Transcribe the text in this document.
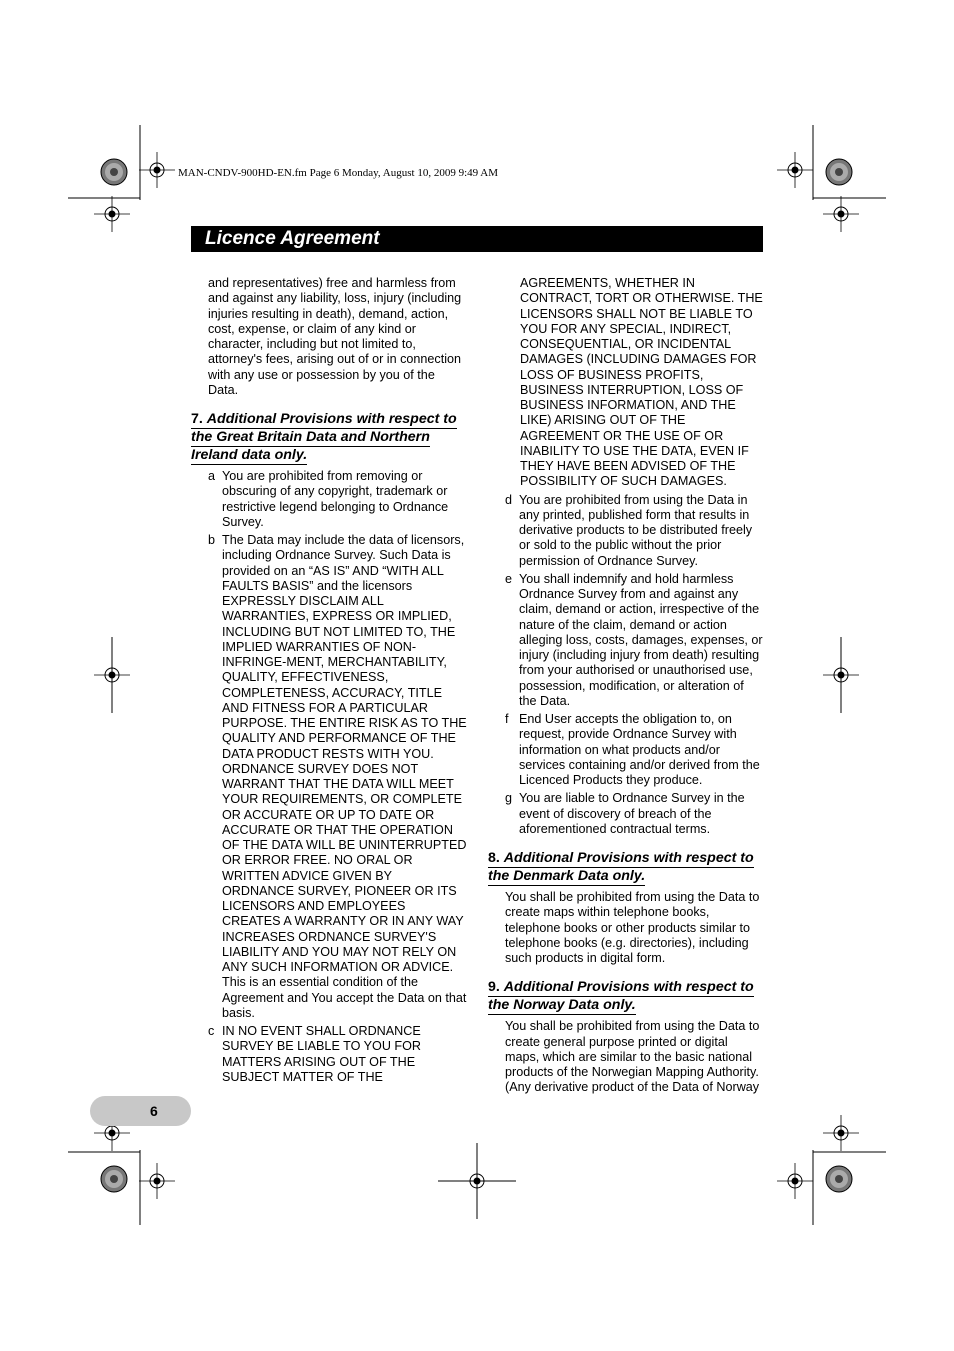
MAN-CNDV-900HD-EN.fm Page 6 Monday, August 10, 2009 9:49 AM
Licence Agreement

and representatives) free and harmless from and against any liability, loss, injury (including injuries resulting in death), demand, action, cost, expense, or claim of any kind or character, including but not limited to, attorney's fees, arising out of or in connection with any use or possession by you of the Data.

7. Additional Provisions with respect to the Great Britain Data and Northern Ireland data only.
a You are prohibited from removing or obscuring of any copyright, trademark or restrictive legend belonging to Ordnance Survey.
b The Data may include the data of licensors, including Ordnance Survey. Such Data is provided on an “AS IS” AND “WITH ALL FAULTS BASIS” and the licensors EXPRESSLY DISCLAIM ALL WARRANTIES, EXPRESS OR IMPLIED, INCLUDING BUT NOT LIMITED TO, THE IMPLIED WARRANTIES OF NON-INFRINGE-MENT, MERCHANTABILITY, QUALITY, EFFECTIVENESS, COMPLETENESS, ACCURACY, TITLE AND FITNESS FOR A PARTICULAR PURPOSE. THE ENTIRE RISK AS TO THE QUALITY AND PERFORMANCE OF THE DATA PRODUCT RESTS WITH YOU. ORDNANCE SURVEY DOES NOT WARRANT THAT THE DATA WILL MEET YOUR REQUIREMENTS, OR COMPLETE OR ACCURATE OR UP TO DATE OR ACCURATE OR THAT THE OPERATION OF THE DATA WILL BE UNINTERRUPTED OR ERROR FREE. NO ORAL OR WRITTEN ADVICE GIVEN BY ORDNANCE SURVEY, PIONEER OR ITS LICENSORS AND EMPLOYEES CREATES A WARRANTY OR IN ANY WAY INCREASES ORDNANCE SURVEY'S LIABILITY AND YOU MAY NOT RELY ON ANY SUCH INFORMATION OR ADVICE. This is an essential condition of the Agreement and You accept the Data on that basis.
c IN NO EVENT SHALL ORDNANCE SURVEY BE LIABLE TO YOU FOR MATTERS ARISING OUT OF THE SUBJECT MATTER OF THE

AGREEMENTS, WHETHER IN CONTRACT, TORT OR OTHERWISE. THE LICENSORS SHALL NOT BE LIABLE TO YOU FOR ANY SPECIAL, INDIRECT, CONSEQUENTIAL, OR INCIDENTAL DAMAGES (INCLUDING DAMAGES FOR LOSS OF BUSINESS PROFITS, BUSINESS INTERRUPTION, LOSS OF BUSINESS INFORMATION, AND THE LIKE) ARISING OUT OF THE AGREEMENT OR THE USE OF OR INABILITY TO USE THE DATA, EVEN IF THEY HAVE BEEN ADVISED OF THE POSSIBILITY OF SUCH DAMAGES.

d You are prohibited from using the Data in any printed, published form that results in derivative products to be distributed freely or sold to the public without the prior permission of Ordnance Survey.
e You shall indemnify and hold harmless Ordnance Survey from and against any claim, demand or action, irrespective of the nature of the claim, demand or action alleging loss, costs, damages, expenses, or injury (including injury from death) resulting from your authorised or unauthorised use, possession, modification, or alteration of the Data.
f End User accepts the obligation to, on request, provide Ordnance Survey with information on what products and/or services containing and/or derived from the Licenced Products they produce.
g You are liable to Ordnance Survey in the event of discovery of breach of the aforementioned contractual terms.
8. Additional Provisions with respect to the Denmark Data only.

You shall be prohibited from using the Data to create maps within telephone books, telephone books or other products similar to telephone books (e.g. directories), including such products in digital form.

9. Additional Provisions with respect to the Norway Data only.

You shall be prohibited from using the Data to create general purpose printed or digital maps, which are similar to the basic national products of the Norwegian Mapping Authority. (Any derivative product of the Data of Norway

6
